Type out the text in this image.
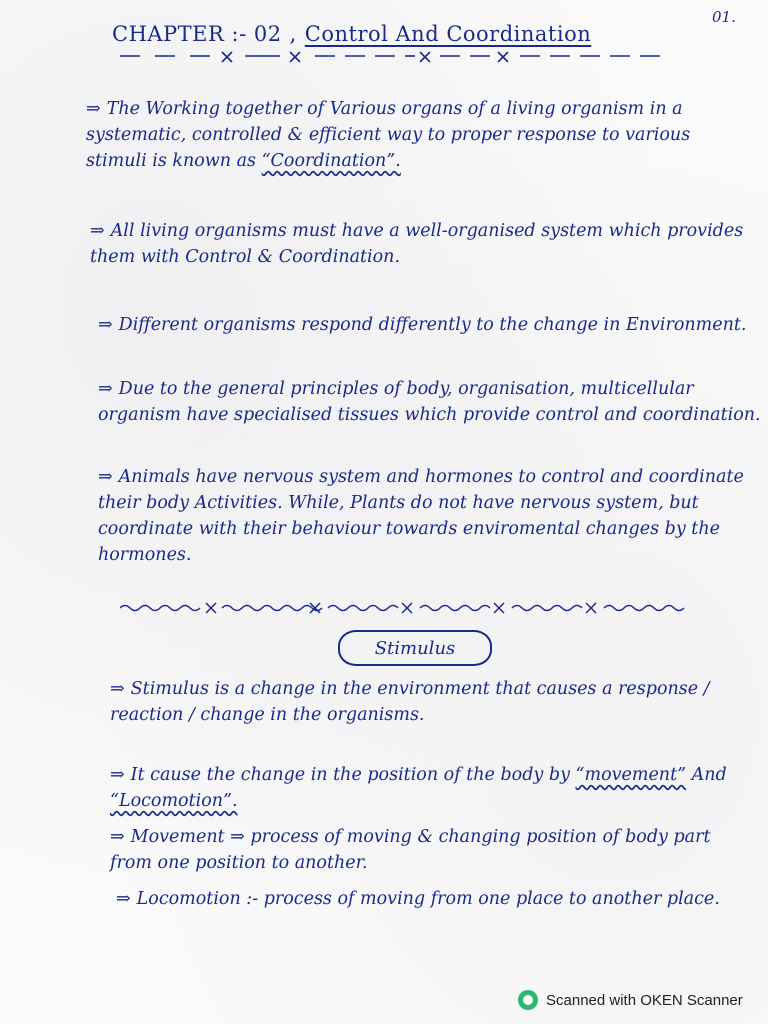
01.
CHAPTER :- 02 , Control And Coordination
⇒ The Working together of Various organs of a living organism in a systematic, controlled & efficient way to proper response to various stimuli is known as “Coordination”.
⇒ All living organisms must have a well-organised system which provides them with Control & Coordination.
⇒ Different organisms respond differently to the change in Environment.
⇒ Due to the general principles of body, organisation, multicellular organism have specialised tissues which provide control and coordination.
⇒ Animals have nervous system and hormones to control and coordinate their body Activities. While, Plants do not have nervous system, but coordinate with their behaviour towards enviromental changes by the hormones.
Stimulus
⇒ Stimulus is a change in the environment that causes a response / reaction / change in the organisms.
⇒ It cause the change in the position of the body by “movement” And “Locomotion”.
⇒ Movement ⇒ process of moving & changing position of body part from one position to another.
⇒ Locomotion :- process of moving from one place to another place.
Scanned with OKEN Scanner
